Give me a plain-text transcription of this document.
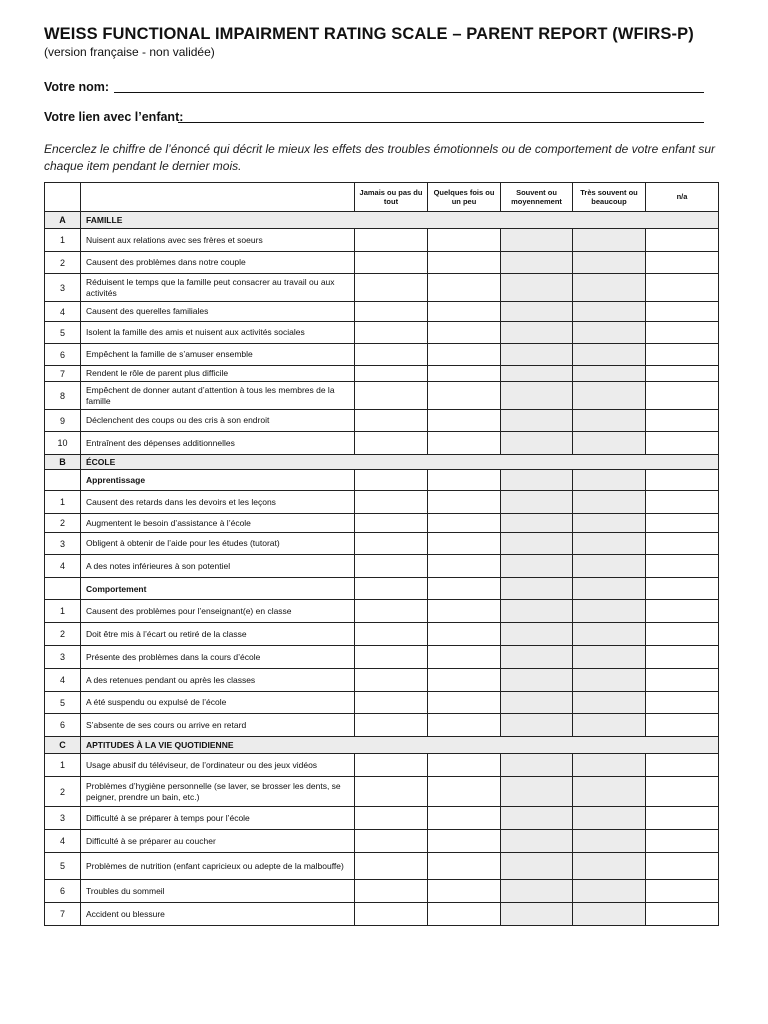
WEISS FUNCTIONAL IMPAIRMENT RATING SCALE – PARENT REPORT (WFIRS-P)
(version française - non validée)
Votre nom:
Votre lien avec l’enfant:
Encerclez le chiffre de l’énoncé qui décrit le mieux les effets des troubles émotionnels ou de comportement de votre enfant sur chaque item pendant le dernier mois.
		Jamais ou pas du tout	Quelques fois ou un peu	Souvent ou moyennement	Très souvent ou beaucoup	n/a
A	FAMILLE					
1	Nuisent aux relations avec ses frères et soeurs					
2	Causent des problèmes dans notre couple					
3	Réduisent le temps que la famille peut consacrer au travail ou aux activités					
4	Causent des querelles familiales					
5	Isolent la famille des amis et nuisent aux activités sociales					
6	Empêchent la famille de s’amuser ensemble					
7	Rendent le rôle de parent plus difficile					
8	Empêchent de donner autant d’attention à tous les membres de la famille					
9	Déclenchent des coups ou des cris à son endroit					
10	Entraînent des dépenses additionnelles					
B	ÉCOLE					
	Apprentissage					
1	Causent des retards dans les devoirs et les leçons					
2	Augmentent le besoin d’assistance à l’école					
3	Obligent à obtenir de l’aide pour les études (tutorat)					
4	A des notes inférieures à son potentiel					
	Comportement					
1	Causent des problèmes pour l’enseignant(e) en classe					
2	Doit être mis à l’écart ou retiré de la classe					
3	Présente des problèmes dans la cours d’école					
4	A des retenues pendant ou après les classes					
5	A été suspendu ou expulsé de l’école					
6	S’absente de ses cours ou arrive en retard					
C	APTITUDES À LA VIE QUOTIDIENNE					
1	Usage abusif du téléviseur, de l’ordinateur ou des jeux vidéos					
2	Problèmes d’hygiène personnelle (se laver, se brosser les dents, se peigner, prendre un bain, etc.)					
3	Difficulté à se préparer à temps pour l’école					
4	Difficulté à se préparer au coucher					
5	Problèmes de nutrition (enfant capricieux ou adepte de la malbouffe)					
6	Troubles du sommeil					
7	Accident ou blessure					
